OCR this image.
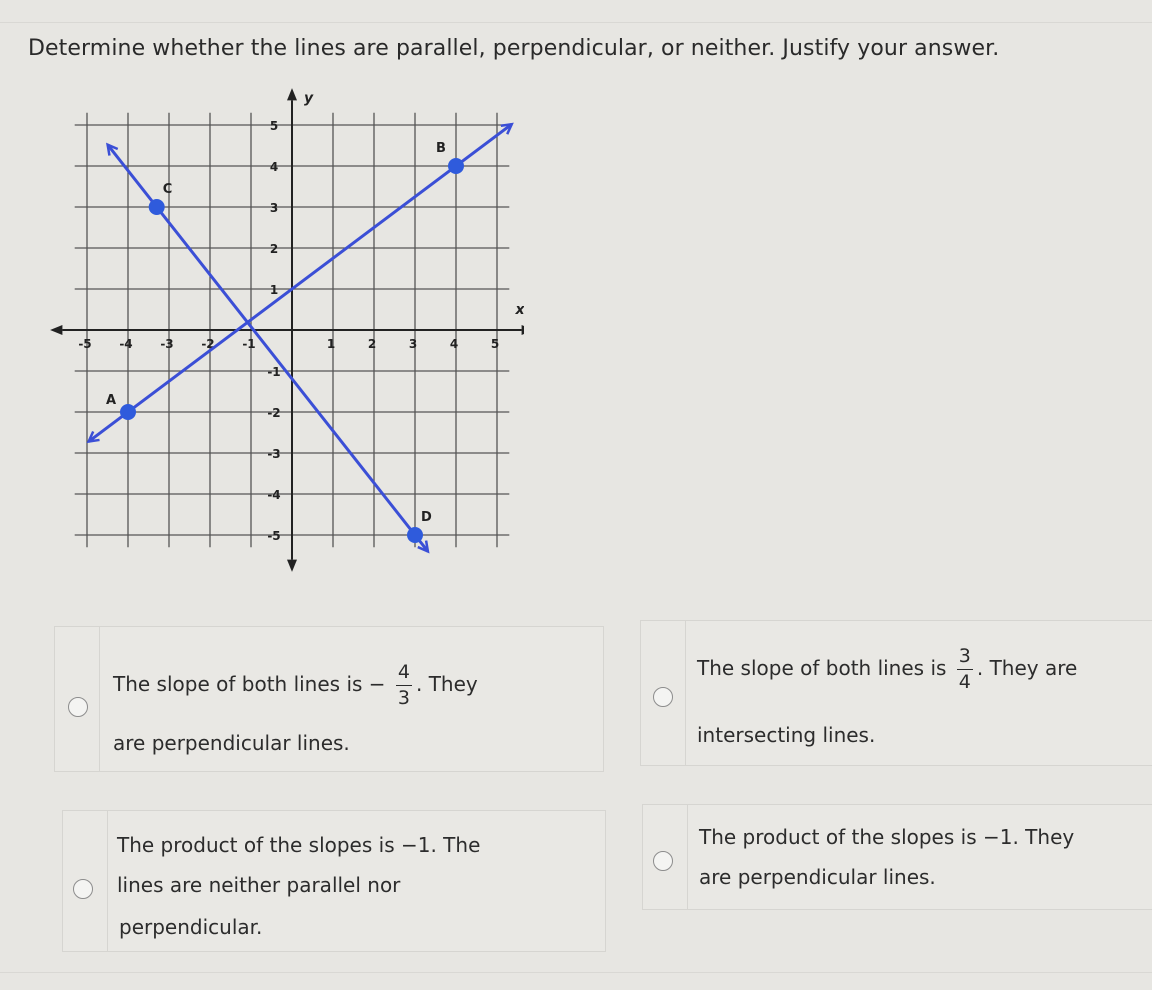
Determine whether the lines are parallel, perpendicular, or neither. Justify your answer.
-5 -4 -3 -2 -1	1	2	3	4	5
5
4
3
2
1
-1
-2
-3
-4
-5
x
y
A
B
C
D
The slope of both lines is − $\frac{4}{3}$ . They
are perpendicular lines.
The slope of both lines is $\frac{3}{4}$ . They are
intersecting lines.
The product of the slopes is −1. The
lines are neither parallel nor
perpendicular.
The product of the slopes is −1. They
are perpendicular lines.
